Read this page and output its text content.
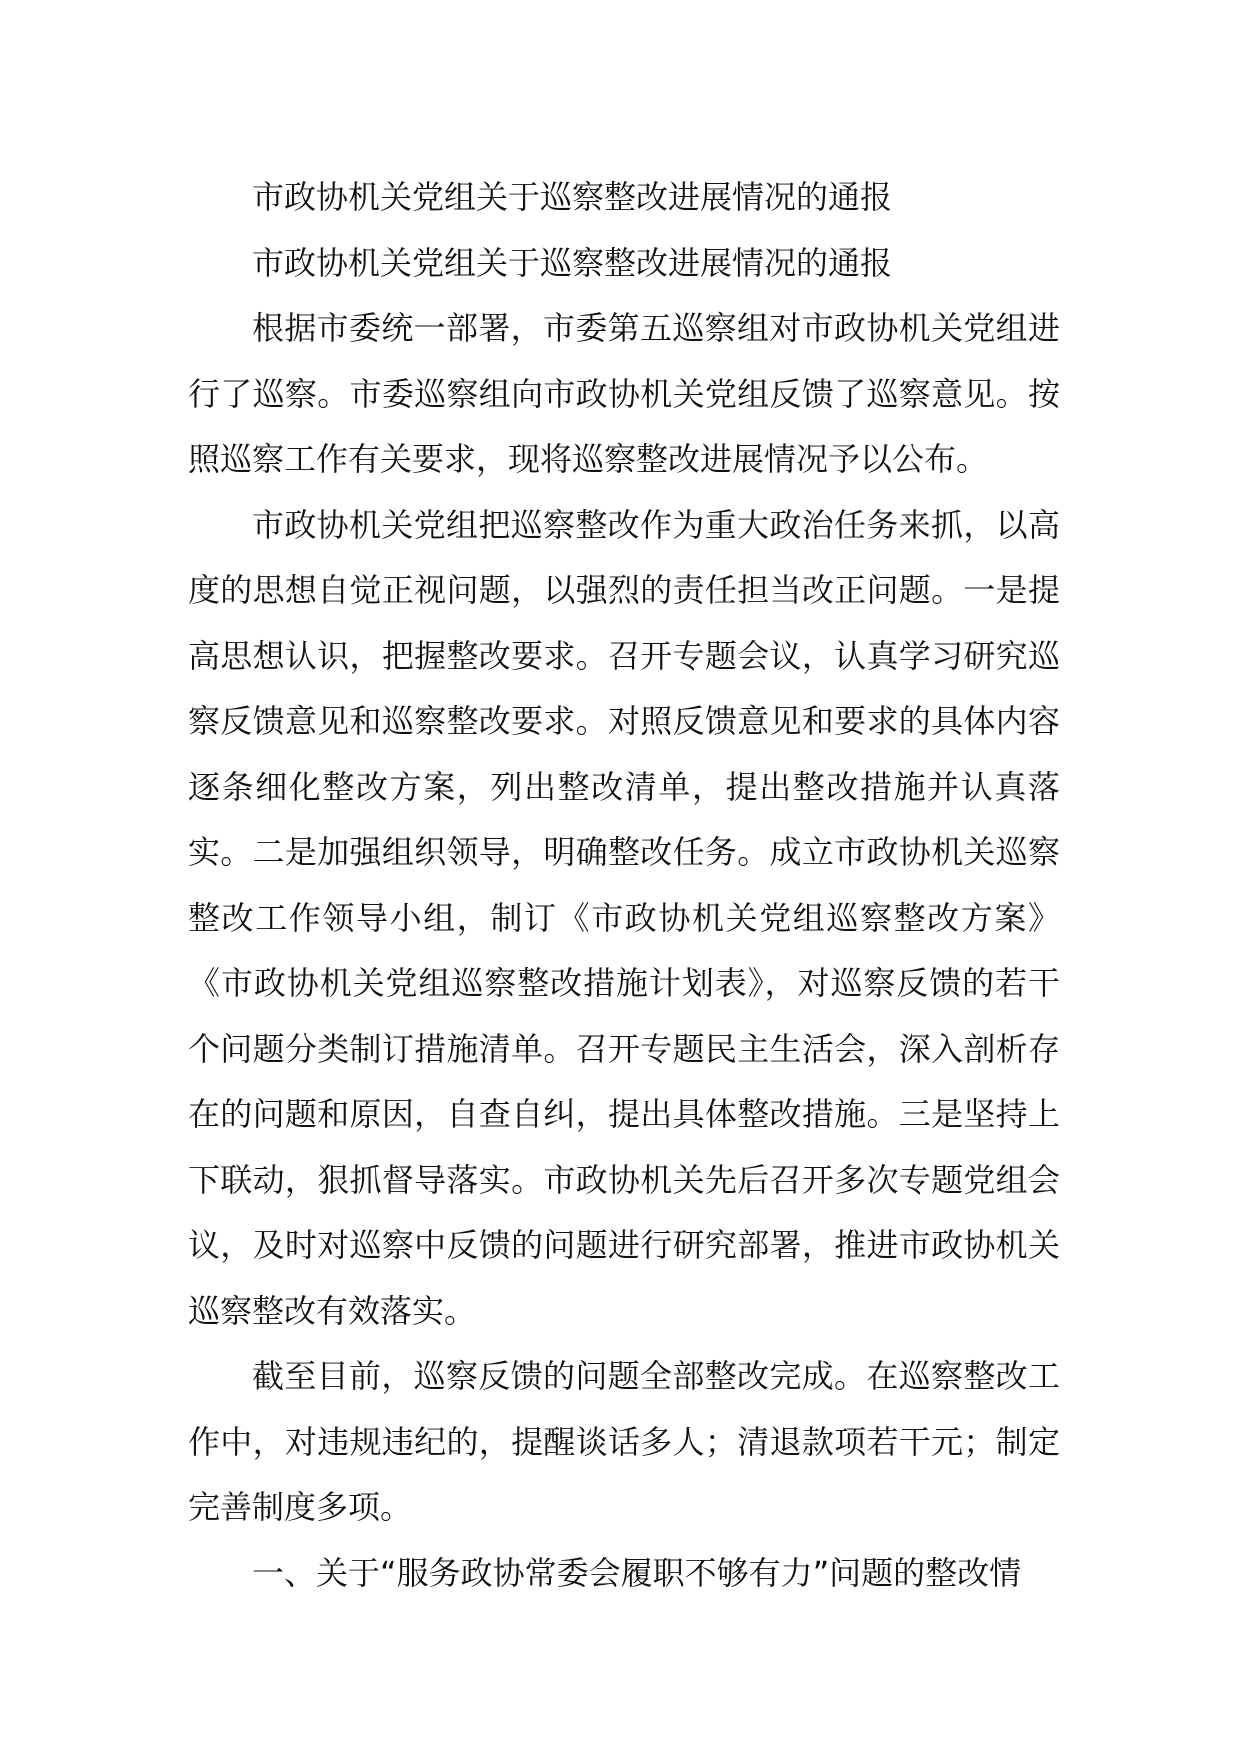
市政协机关党组关于巡察整改进展情况的通报

市政协机关党组关于巡察整改进展情况的通报

根据市委统一部署，市委第五巡察组对市政协机关党组进行了巡察。市委巡察组向市政协机关党组反馈了巡察意见。按照巡察工作有关要求，现将巡察整改进展情况予以公布。

市政协机关党组把巡察整改作为重大政治任务来抓，以高度的思想自觉正视问题，以强烈的责任担当改正问题。一是提高思想认识，把握整改要求。召开专题会议，认真学习研究巡察反馈意见和巡察整改要求。对照反馈意见和要求的具体内容逐条细化整改方案，列出整改清单，提出整改措施并认真落实。二是加强组织领导，明确整改任务。成立市政协机关巡察整改工作领导小组，制订《市政协机关党组巡察整改方案》《市政协机关党组巡察整改措施计划表》，对巡察反馈的若干个问题分类制订措施清单。召开专题民主生活会，深入剖析存在的问题和原因，自查自纠，提出具体整改措施。三是坚持上下联动，狠抓督导落实。市政协机关先后召开多次专题党组会议，及时对巡察中反馈的问题进行研究部署，推进市政协机关巡察整改有效落实。

截至目前，巡察反馈的问题全部整改完成。在巡察整改工作中，对违规违纪的，提醒谈话多人；清退款项若干元；制定完善制度多项。

一、关于“服务政协常委会履职不够有力”问题的整改情
